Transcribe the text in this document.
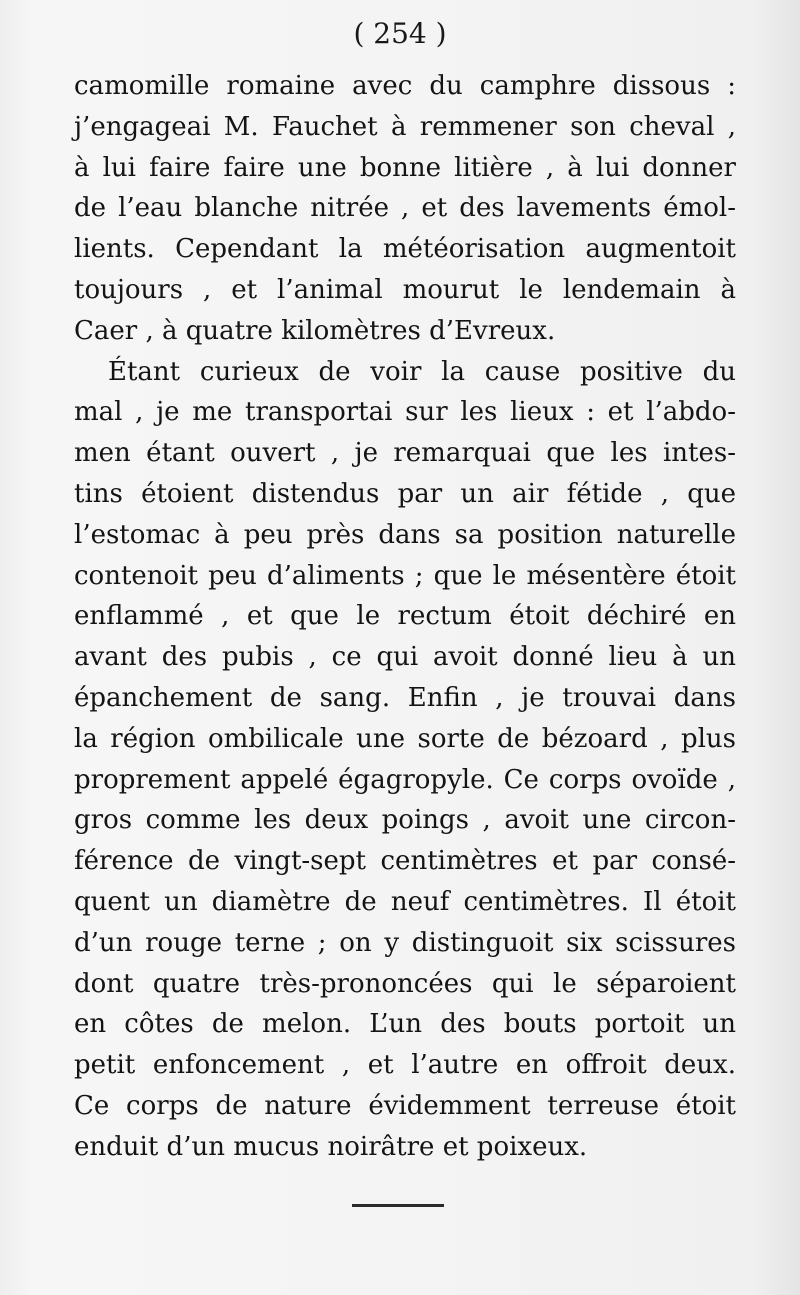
( 254 )
camomille romaine avec du camphre dissous :
j’engageai M. Fauchet à remmener son cheval ,
à lui faire faire une bonne litière , à lui donner
de l’eau blanche nitrée , et des lavements émol-
lients. Cependant la météorisation augmentoit
toujours , et l’animal mourut le lendemain à
Caer , à quatre kilomètres d’Evreux.
Étant curieux de voir la cause positive du
mal , je me transportai sur les lieux : et l’abdo-
men étant ouvert , je remarquai que les intes-
tins étoient distendus par un air fétide , que
l’estomac à peu près dans sa position naturelle
contenoit peu d’aliments ; que le mésentère étoit
enflammé , et que le rectum étoit déchiré en
avant des pubis , ce qui avoit donné lieu à un
épanchement de sang. Enfin , je trouvai dans
la région ombilicale une sorte de bézoard , plus
proprement appelé égagropyle. Ce corps ovoïde ,
gros comme les deux poings , avoit une circon-
férence de vingt-sept centimètres et par consé-
quent un diamètre de neuf centimètres. Il étoit
d’un rouge terne ; on y distinguoit six scissures
dont quatre très-prononcées qui le séparoient
en côtes de melon. L’un des bouts portoit un
petit enfoncement , et l’autre en offroit deux.
Ce corps de nature évidemment terreuse étoit
enduit d’un mucus noirâtre et poixeux.
